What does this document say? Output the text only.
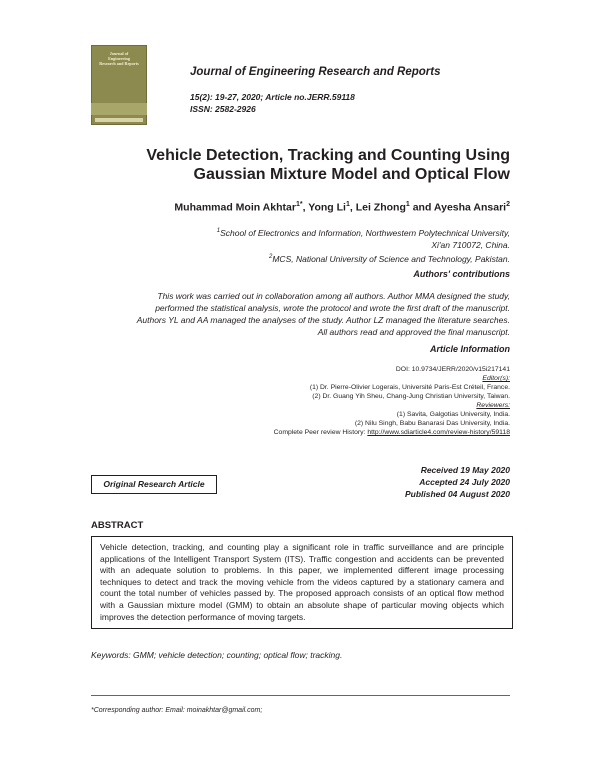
Journal of
Engineering
Research and Reports
Journal of Engineering Research and Reports
15(2): 19-27, 2020; Article no.JERR.59118
ISSN: 2582-2926
Vehicle Detection, Tracking and Counting Using
Gaussian Mixture Model and Optical Flow
Muhammad Moin Akhtar$^{1*}$, Yong Li$^1$, Lei Zhong$^1$ and Ayesha Ansari$^2$
$^1$School of Electronics and Information, Northwestern Polytechnical University,
Xi'an 710072, China.
$^2$MCS, National University of Science and Technology, Pakistan.
Authors' contributions
This work was carried out in collaboration among all authors. Author MMA designed the study,
performed the statistical analysis, wrote the protocol and wrote the first draft of the manuscript.
Authors YL and AA managed the analyses of the study. Author LZ managed the literature searches.
All authors read and approved the final manuscript.
Article Information
DOI: 10.9734/JERR/2020/v15i217141
Editor(s):
(1) Dr. Pierre-Olivier Logerais, Université Paris-Est Créteil, France.
(2) Dr. Guang Yih Sheu, Chang-Jung Christian University, Taiwan.
Reviewers:
(1) Savita, Galgotias University, India.
(2) Nilu Singh, Babu Banarasi Das University, India.
Complete Peer review History: http://www.sdiarticle4.com/review-history/59118
Original Research Article
Received 19 May 2020
Accepted 24 July 2020
Published 04 August 2020
ABSTRACT
Vehicle detection, tracking, and counting play a significant role in traffic surveillance and are principle applications of the Intelligent Transport System (ITS). Traffic congestion and accidents can be prevented with an adequate solution to problems. In this paper, we implemented different image processing techniques to detect and track the moving vehicle from the videos captured by a stationary camera and count the total number of vehicles passed by. The proposed approach consists of an optical flow method with a Gaussian mixture model (GMM) to obtain an absolute shape of particular moving objects which improves the detection performance of moving targets.
Keywords: GMM; vehicle detection; counting; optical flow; tracking.
*Corresponding author: Email: moinakhtar@gmail.com;
